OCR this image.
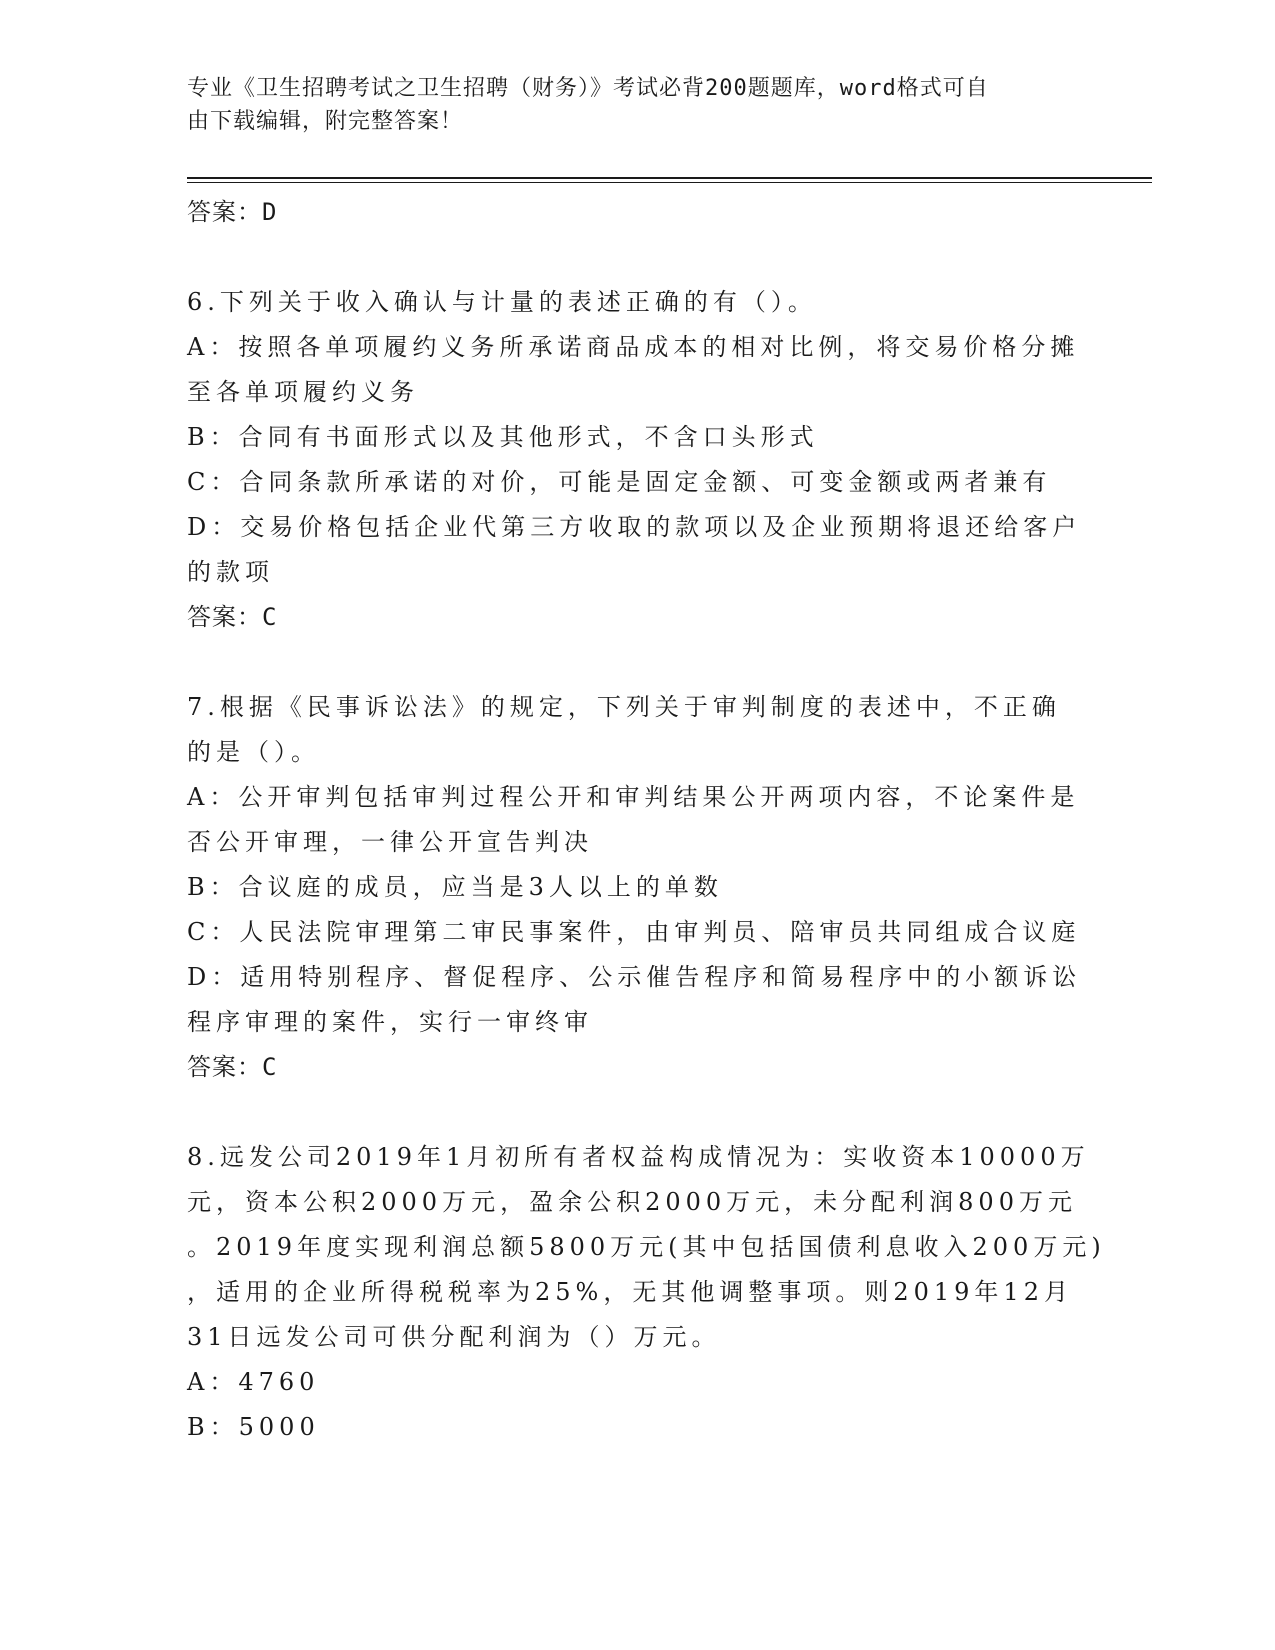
专业《卫生招聘考试之卫生招聘（财务）》考试必背200题题库，word格式可自
由下载编辑，附完整答案！
答案：D
6.下列关于收入确认与计量的表述正确的有（）。
A：按照各单项履约义务所承诺商品成本的相对比例，将交易价格分摊
至各单项履约义务
B：合同有书面形式以及其他形式，不含口头形式
C：合同条款所承诺的对价，可能是固定金额、可变金额或两者兼有
D：交易价格包括企业代第三方收取的款项以及企业预期将退还给客户
的款项
答案：C
7.根据《民事诉讼法》的规定，下列关于审判制度的表述中，不正确
的是（）。
A：公开审判包括审判过程公开和审判结果公开两项内容，不论案件是
否公开审理，一律公开宣告判决
B：合议庭的成员，应当是3人以上的单数
C：人民法院审理第二审民事案件，由审判员、陪审员共同组成合议庭
D：适用特别程序、督促程序、公示催告程序和简易程序中的小额诉讼
程序审理的案件，实行一审终审
答案：C
8.远发公司2019年1月初所有者权益构成情况为：实收资本10000万
元，资本公积2000万元，盈余公积2000万元，未分配利润800万元
。2019年度实现利润总额5800万元(其中包括国债利息收入200万元)
，适用的企业所得税税率为25%，无其他调整事项。则2019年12月
31日远发公司可供分配利润为（）万元。
A：4760
B：5000
